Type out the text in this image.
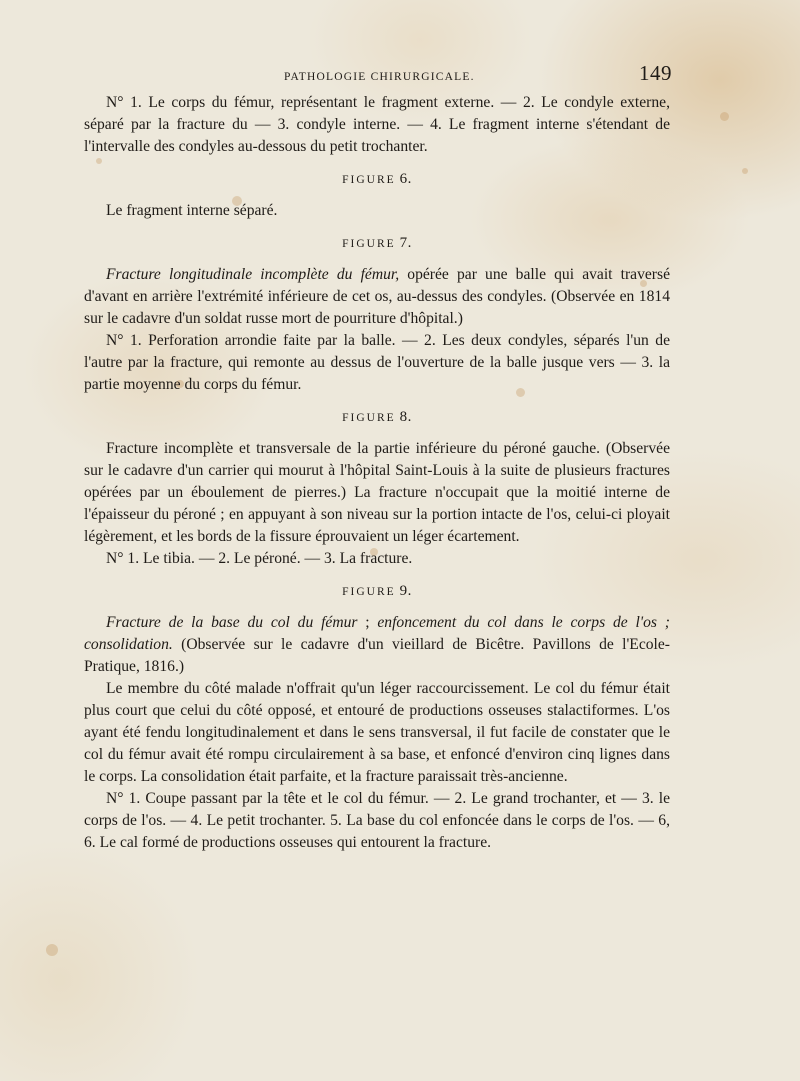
PATHOLOGIE CHIRURGICALE.	149

N° 1. Le corps du fémur, représentant le fragment externe. — 2. Le condyle externe, séparé par la fracture du — 3. condyle interne. — 4. Le fragment interne s'étendant de l'intervalle des condyles au-dessous du petit trochanter.

FIGURE 6.

Le fragment interne séparé.

FIGURE 7.

Fracture longitudinale incomplète du fémur, opérée par une balle qui avait traversé d'avant en arrière l'extrémité inférieure de cet os, au-dessus des condyles. (Observée en 1814 sur le cadavre d'un soldat russe mort de pourriture d'hôpital.)

N° 1. Perforation arrondie faite par la balle. — 2. Les deux condyles, séparés l'un de l'autre par la fracture, qui remonte au dessus de l'ouverture de la balle jusque vers — 3. la partie moyenne du corps du fémur.

FIGURE 8.

Fracture incomplète et transversale de la partie inférieure du péroné gauche. (Observée sur le cadavre d'un carrier qui mourut à l'hôpital Saint-Louis à la suite de plusieurs fractures opérées par un éboulement de pierres.) La fracture n'occupait que la moitié interne de l'épaisseur du péroné ; en appuyant à son niveau sur la portion intacte de l'os, celui-ci ployait légèrement, et les bords de la fissure éprouvaient un léger écartement.

N° 1. Le tibia. — 2. Le péroné. — 3. La fracture.

FIGURE 9.

Fracture de la base du col du fémur ; enfoncement du col dans le corps de l'os ; consolidation. (Observée sur le cadavre d'un vieillard de Bicêtre. Pavillons de l'Ecole-Pratique, 1816.)

Le membre du côté malade n'offrait qu'un léger raccourcissement. Le col du fémur était plus court que celui du côté opposé, et entouré de productions osseuses stalactiformes. L'os ayant été fendu longitudinalement et dans le sens transversal, il fut facile de constater que le col du fémur avait été rompu circulairement à sa base, et enfoncé d'environ cinq lignes dans le corps. La consolidation était parfaite, et la fracture paraissait très-ancienne.

N° 1. Coupe passant par la tête et le col du fémur. — 2. Le grand trochanter, et — 3. le corps de l'os. — 4. Le petit trochanter. 5. La base du col enfoncée dans le corps de l'os. — 6, 6. Le cal formé de productions osseuses qui entourent la fracture.
